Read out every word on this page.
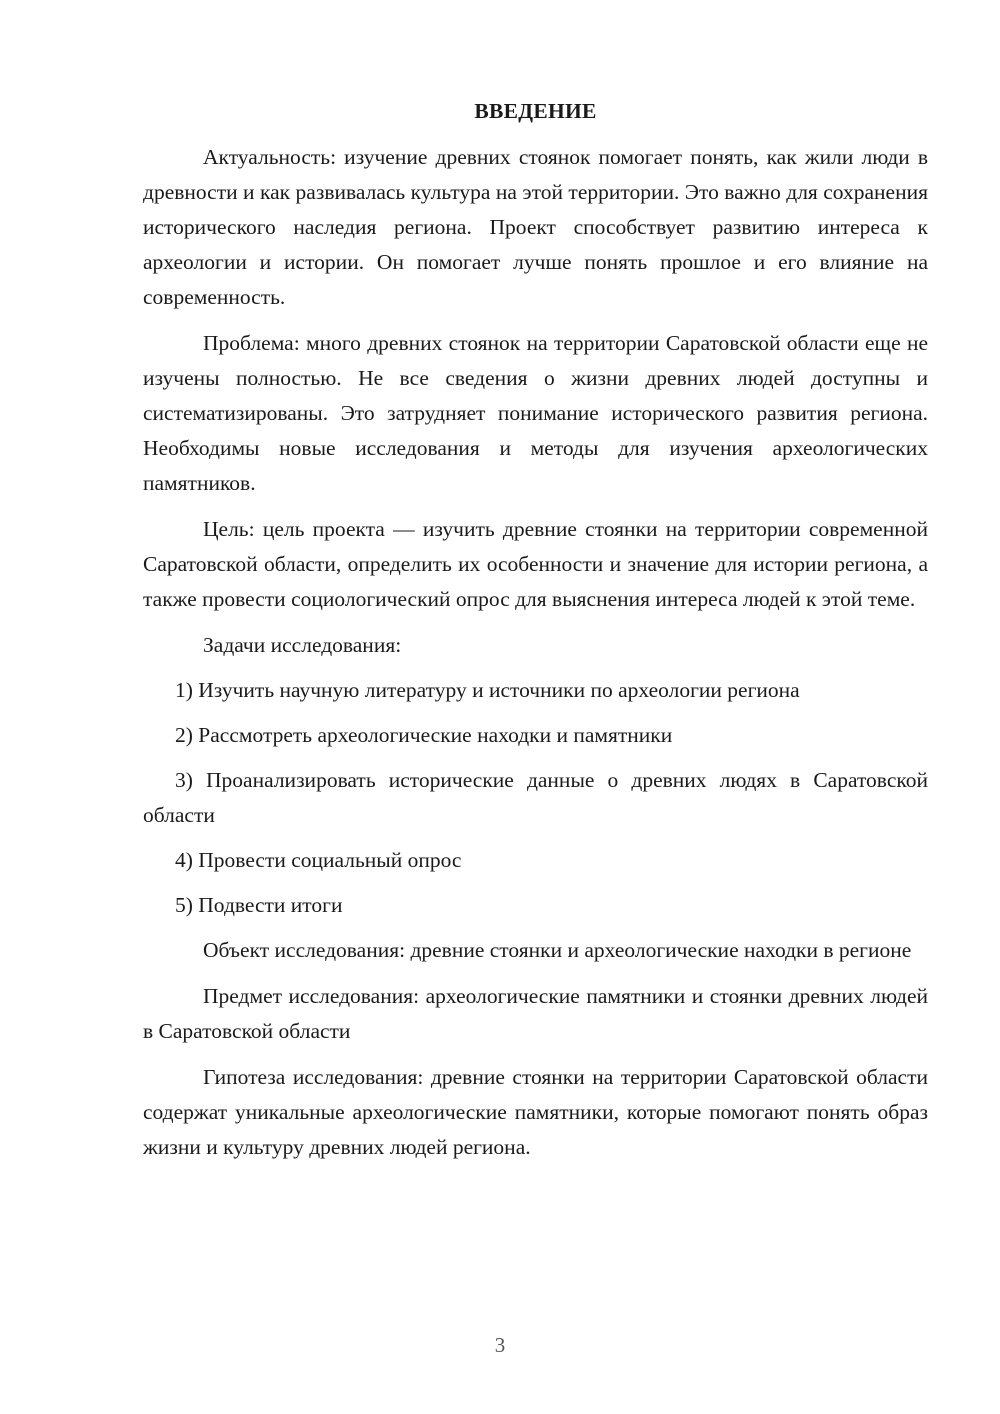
ВВЕДЕНИЕ

Актуальность: изучение древних стоянок помогает понять, как жили люди в древности и как развивалась культура на этой территории. Это важно для сохранения исторического наследия региона. Проект способствует развитию интереса к археологии и истории. Он помогает лучше понять прошлое и его влияние на современность.

Проблема: много древних стоянок на территории Саратовской области еще не изучены полностью. Не все сведения о жизни древних людей доступны и систематизированы. Это затрудняет понимание исторического развития региона. Необходимы новые исследования и методы для изучения археологических памятников.

Цель: цель проекта — изучить древние стоянки на территории современной Саратовской области, определить их особенности и значение для истории региона, а также провести социологический опрос для выяснения интереса людей к этой теме.

Задачи исследования:

1) Изучить научную литературу и источники по археологии региона

2) Рассмотреть археологические находки и памятники

3) Проанализировать исторические данные о древних людях в Саратовской области

4) Провести социальный опрос

5) Подвести итоги

Объект исследования: древние стоянки и археологические находки в регионе

Предмет исследования: археологические памятники и стоянки древних людей в Саратовской области

Гипотеза исследования: древние стоянки на территории Саратовской области содержат уникальные археологические памятники, которые помогают понять образ жизни и культуру древних людей региона.

3
